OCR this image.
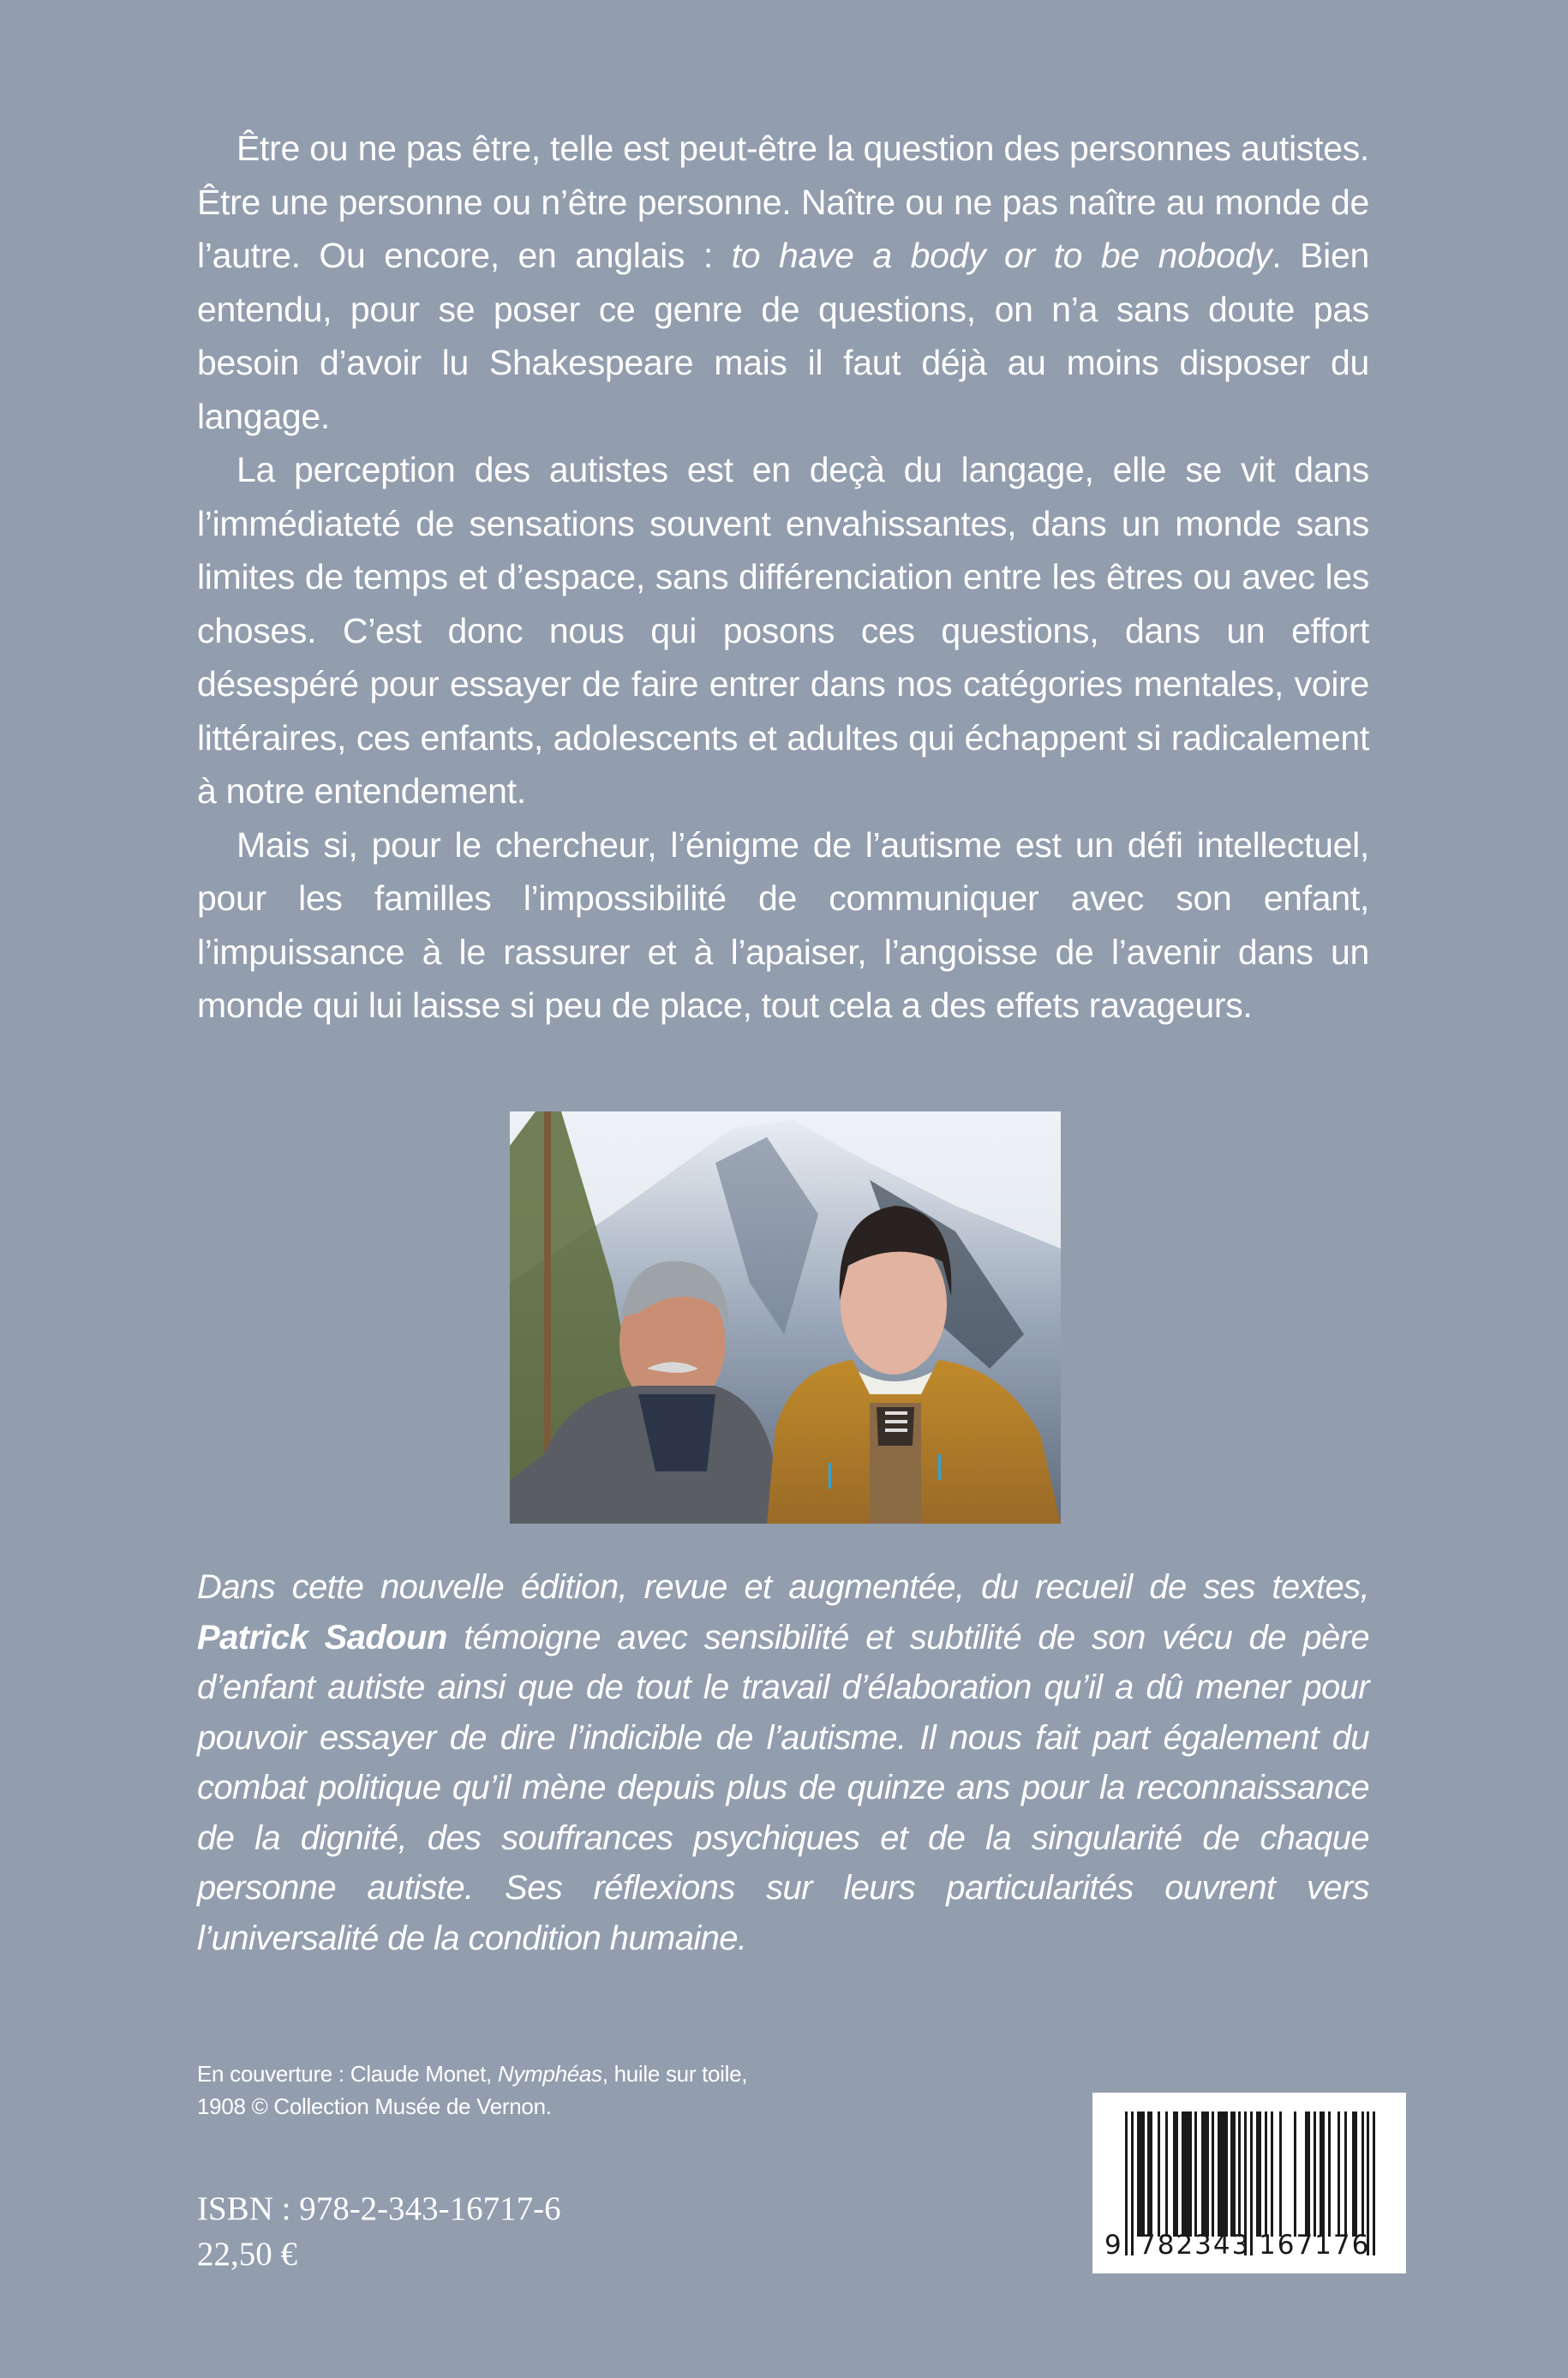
Être ou ne pas être, telle est peut-être la question des personnes autistes. Être une personne ou n’être personne. Naître ou ne pas naître au monde de l’autre. Ou encore, en anglais : to have a body or to be nobody. Bien entendu, pour se poser ce genre de questions, on n’a sans doute pas besoin d’avoir lu Shakespeare mais il faut déjà au moins disposer du langage.

La perception des autistes est en deçà du langage, elle se vit dans l’immédiateté de sensations souvent envahissantes, dans un monde sans limites de temps et d’espace, sans différenciation entre les êtres ou avec les choses. C’est donc nous qui posons ces questions, dans un effort désespéré pour essayer de faire entrer dans nos catégories mentales, voire littéraires, ces enfants, adolescents et adultes qui échappent si radicalement à notre entendement.

Mais si, pour le chercheur, l’énigme de l’autisme est un défi intellectuel, pour les familles l’impossibilité de communiquer avec son enfant, l’impuissance à le rassurer et à l’apaiser, l’angoisse de l’avenir dans un monde qui lui laisse si peu de place, tout cela a des effets ravageurs.

Dans cette nouvelle édition, revue et augmentée, du recueil de ses textes, Patrick Sadoun témoigne avec sensibilité et subtilité de son vécu de père d’enfant autiste ainsi que de tout le travail d’élaboration qu’il a dû mener pour pouvoir essayer de dire l’indicible de l’autisme. Il nous fait part également du combat politique qu’il mène depuis plus de quinze ans pour la reconnaissance de la dignité, des souffrances psychiques et de la singularité de chaque personne autiste. Ses réflexions sur leurs particularités ouvrent vers l’universalité de la condition humaine.
En couverture : Claude Monet, Nymphéas, huile sur toile,
1908 © Collection Musée de Vernon.
ISBN : 978-2-343-16717-6
22,50 €	9 782343 167176
